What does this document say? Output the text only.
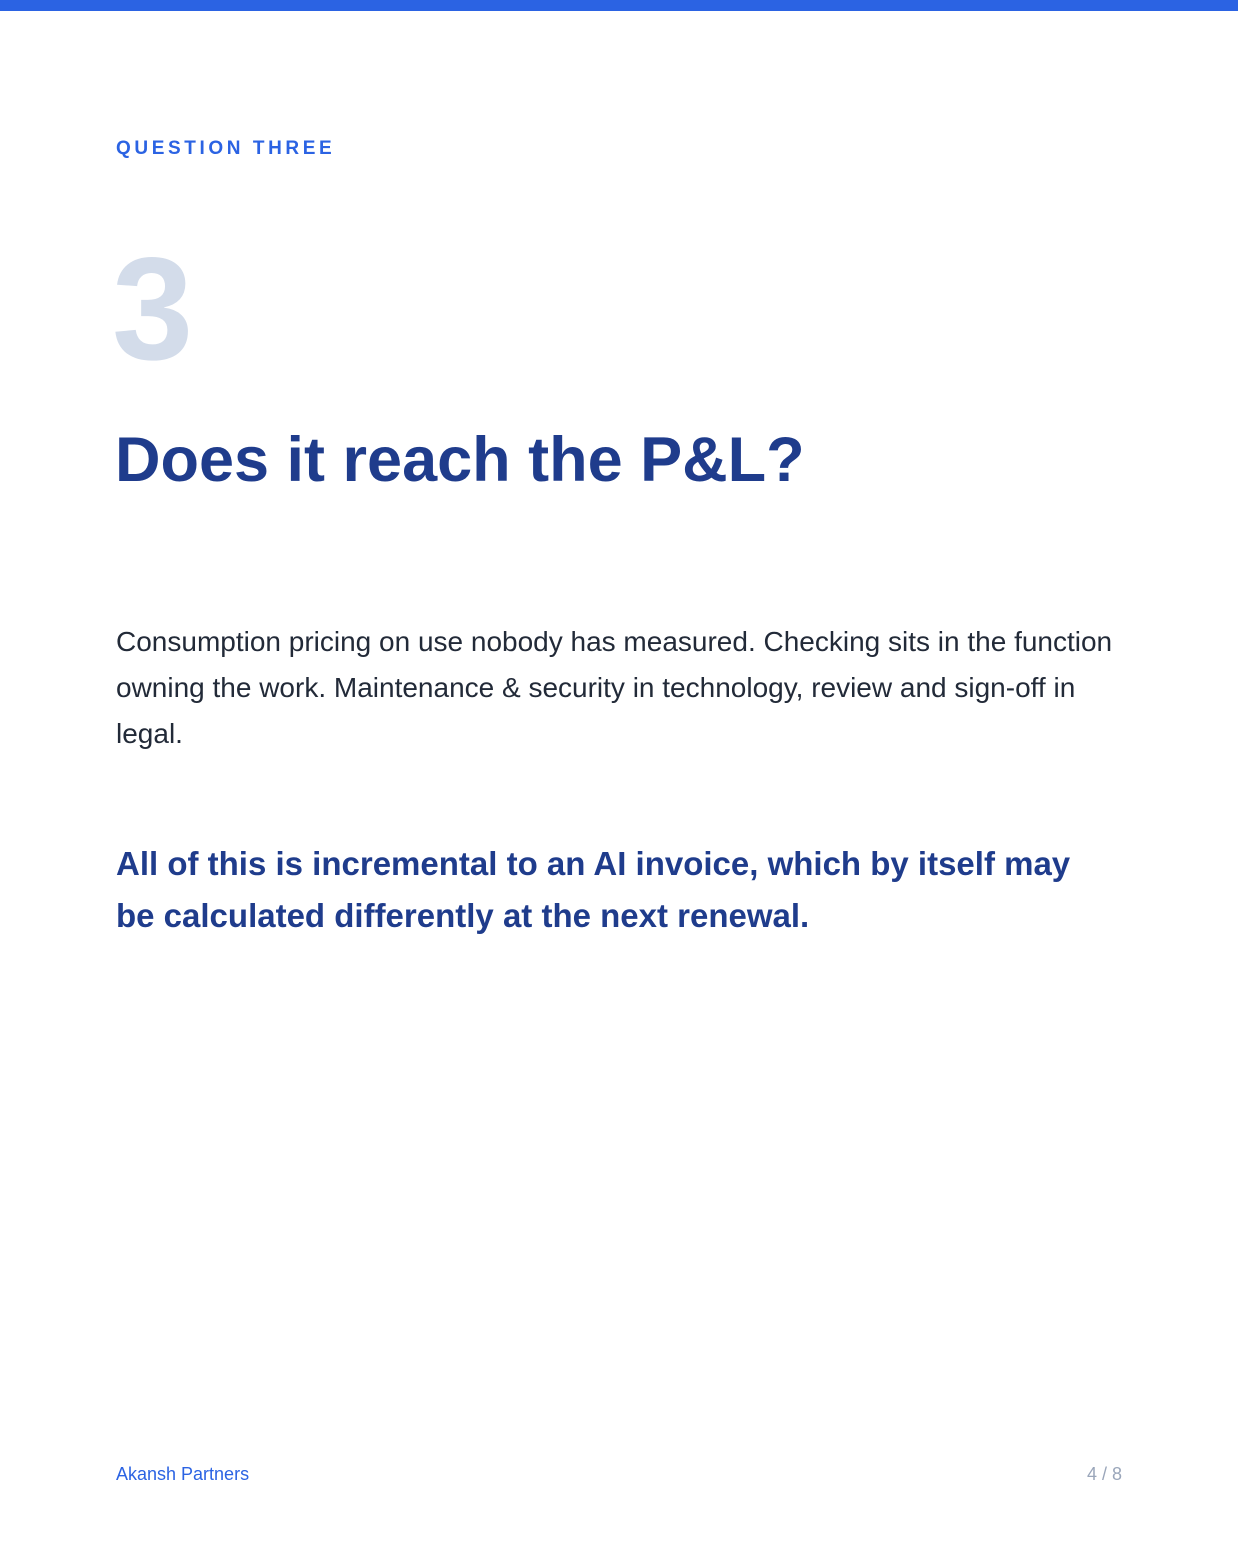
QUESTION THREE
3
Does it reach the P&L?

Consumption pricing on use nobody has measured. Checking sits in the function owning the work. Maintenance & security in technology, review and sign-off in legal.

All of this is incremental to an AI invoice, which by itself may be calculated differently at the next renewal.

Akansh Partners	4 / 8
